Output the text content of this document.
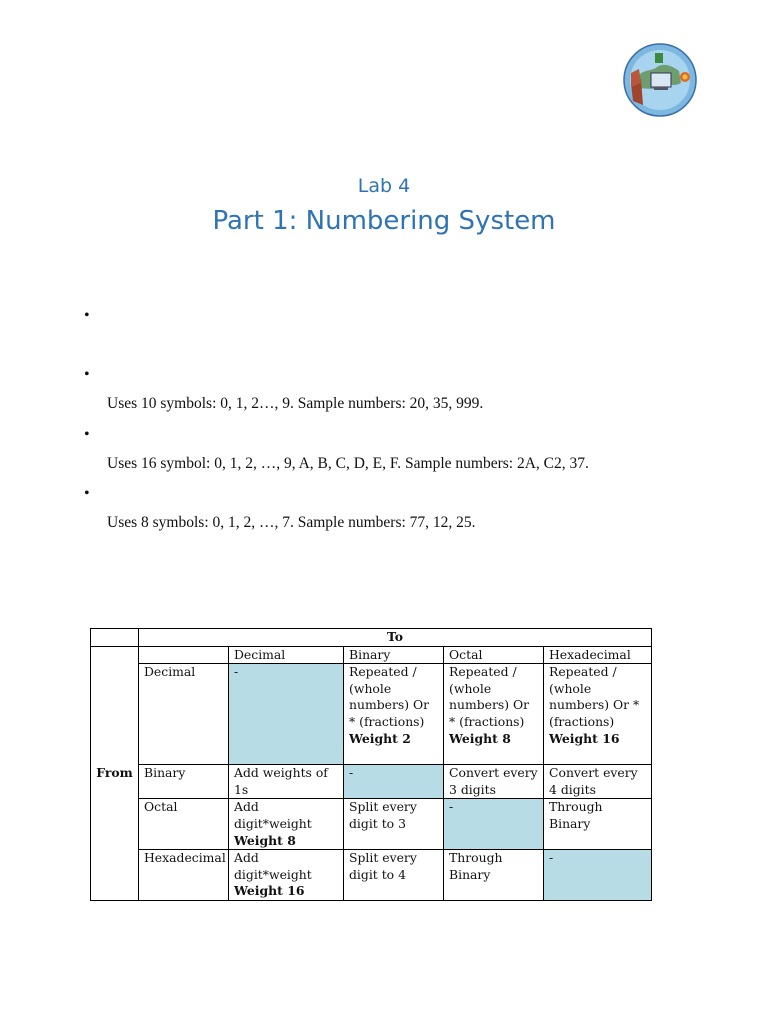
Lab 4
Part 1: Numbering System
•
•
Uses 10 symbols: 0, 1, 2…, 9. Sample numbers: 20, 35, 999.
•
Uses 16 symbol: 0, 1, 2, …, 9, A, B, C, D, E, F. Sample numbers: 2A, C2, 37.
•
Uses 8 symbols: 0, 1, 2, …, 7. Sample numbers: 77, 12, 25.
	To				
From		Decimal	Binary	Octal	Hexadecimal
	Decimal	-	Repeated / (whole numbers) Or * (fractions)
Weight 2	Repeated / (whole numbers) Or * (fractions)
Weight 8	Repeated / (whole numbers) Or * (fractions)
Weight 16
	Binary	Add weights of 1s	-	Convert every 3 digits	Convert every 4 digits
	Octal	Add digit*weight
Weight 8	Split every digit to 3	-	Through Binary
	Hexadecimal	Add digit*weight
Weight 16	Split every digit to 4	Through Binary	-
